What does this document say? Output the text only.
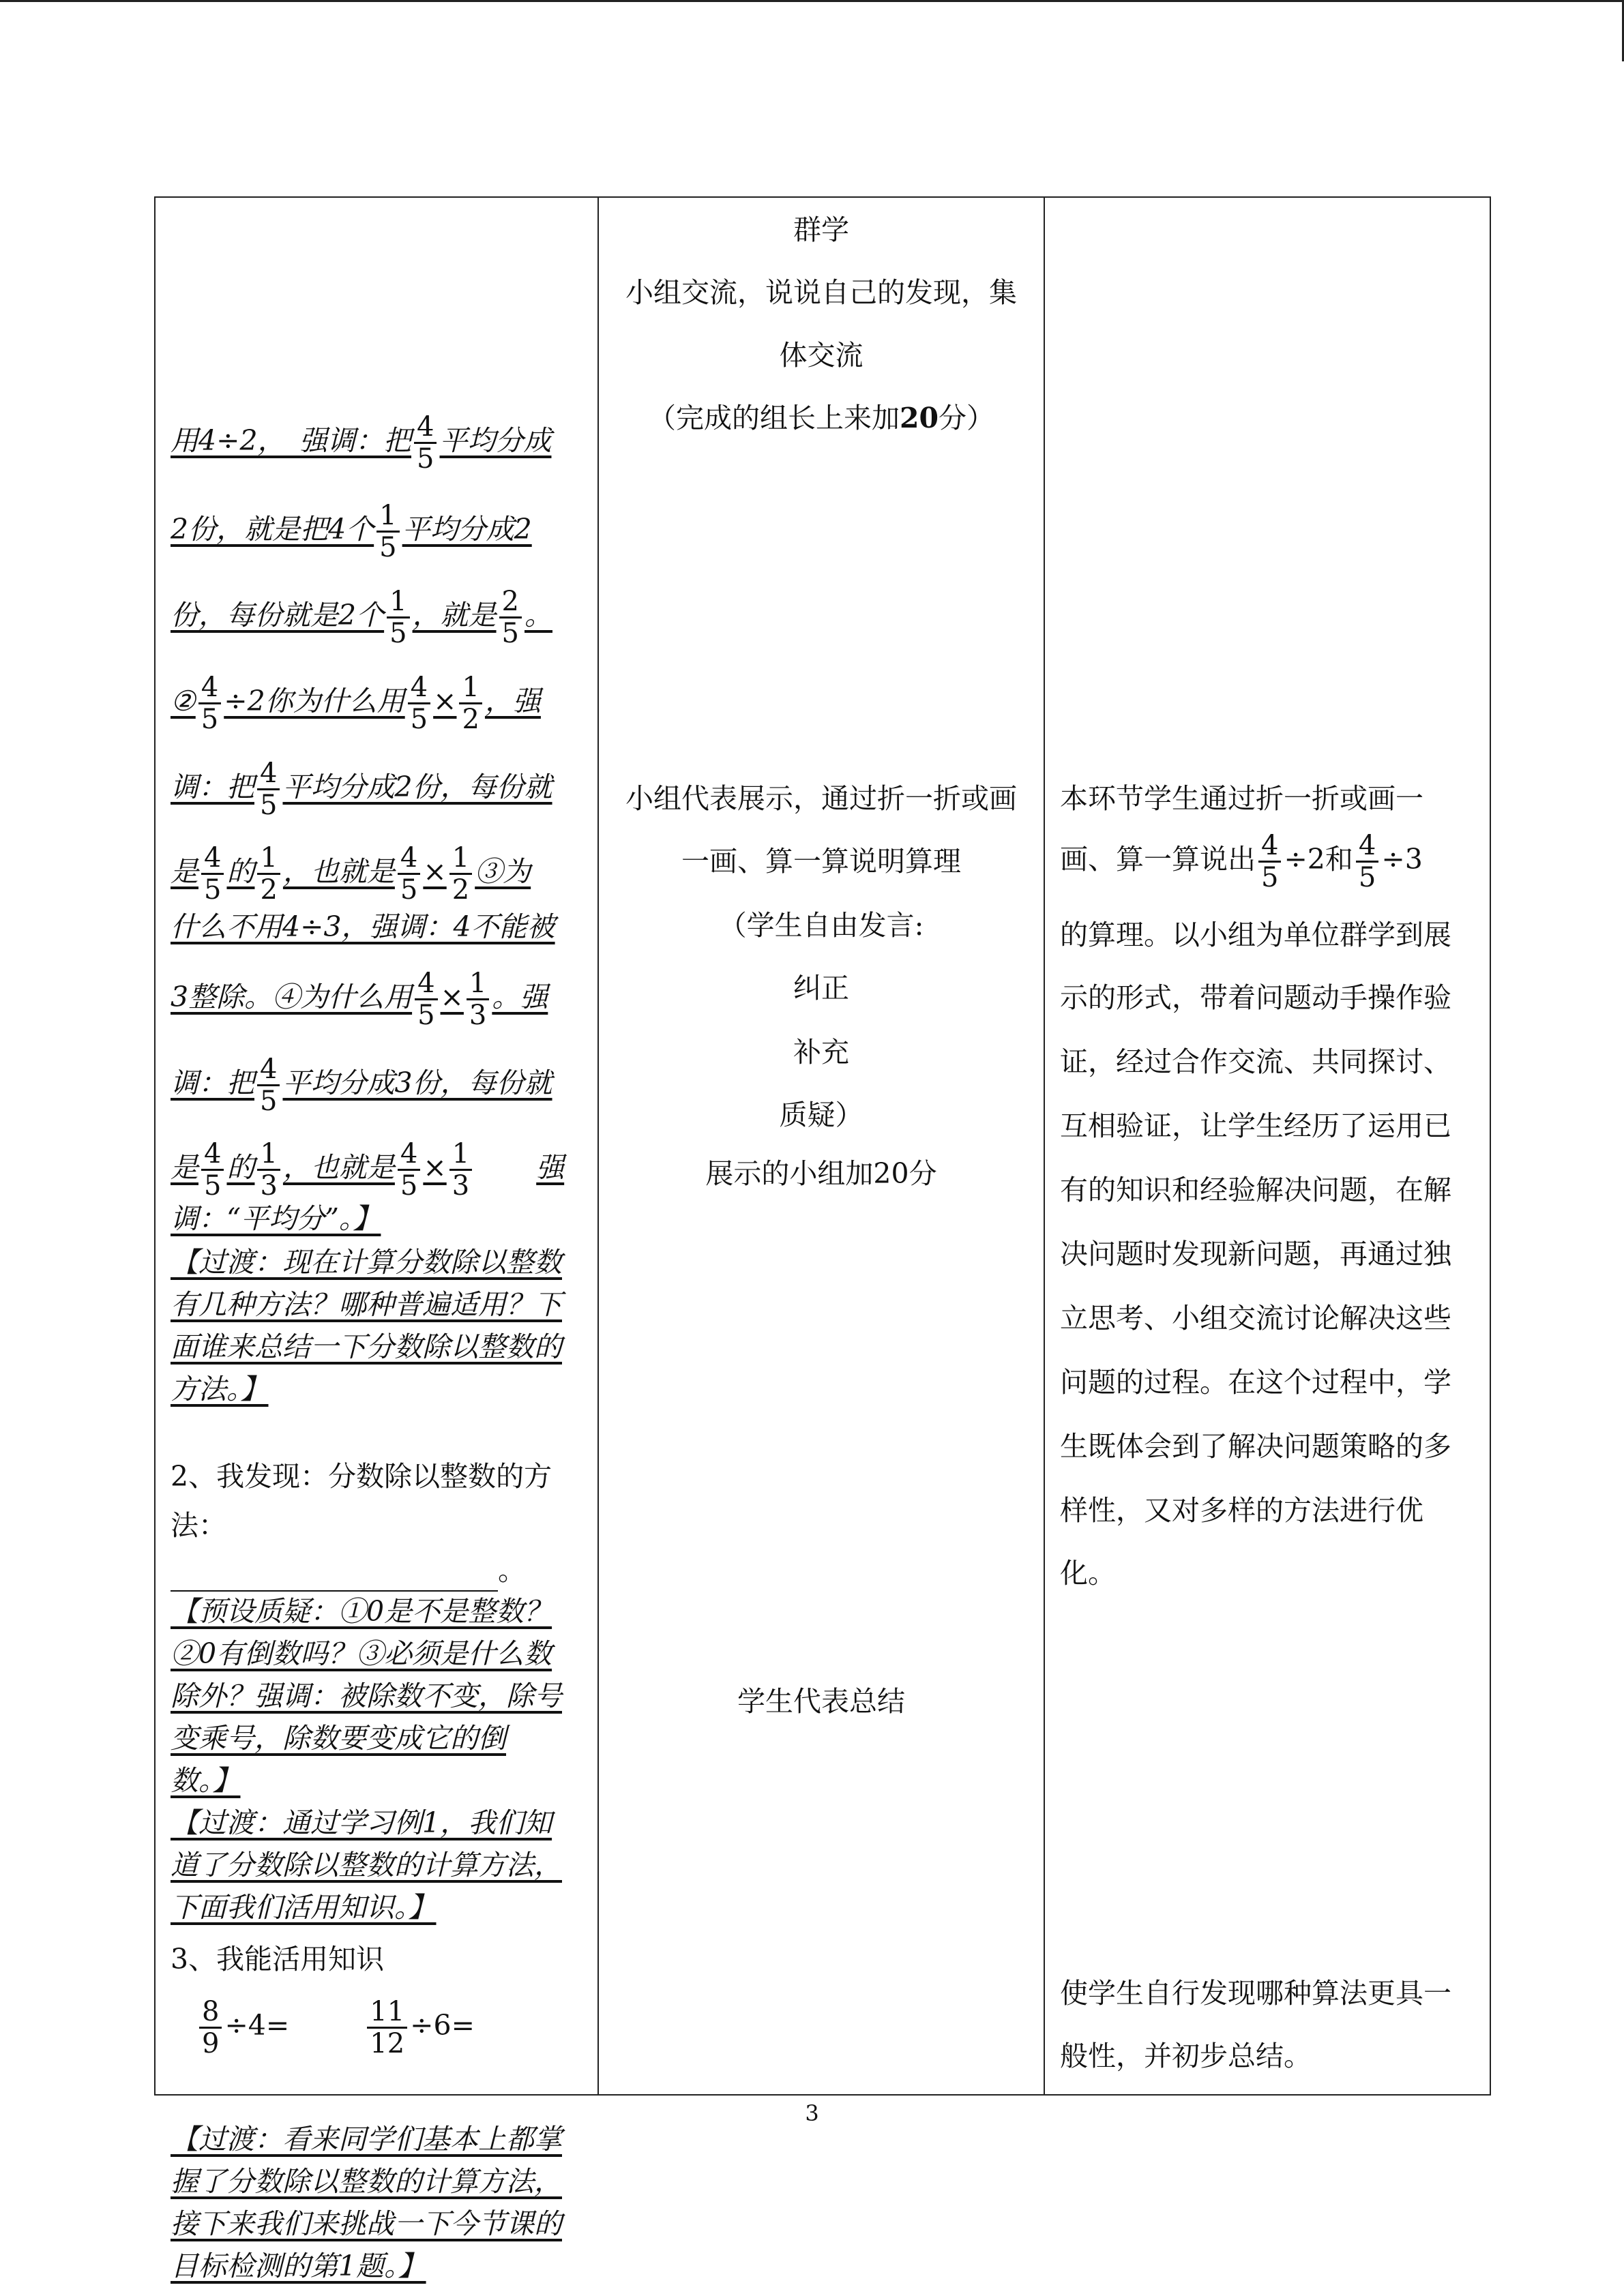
用4÷2，　强调：把 $\frac{4}{5}$ 平均分成
2份，就是把4个 $\frac{1}{5}$ 平均分成2
份，每份就是2个 $\frac{1}{5}$ ，就是 $\frac{2}{5}$ 。
② $\frac{4}{5} \div 2$你为什么用 $\frac{4}{5} \times \frac{1}{2}$ ，强
调：把 $\frac{4}{5}$ 平均分成2份，每份就
是 $\frac{4}{5}$ 的 $\frac{1}{2}$ ，也就是 $\frac{4}{5} \times \frac{1}{2}$ ③为
什么不用4÷3，强调：4不能被
3整除。④为什么用 $\frac{4}{5} \times \frac{1}{3}$ 。强
调：把 $\frac{4}{5}$ 平均分成3份，每份就
是 $\frac{4}{5}$ 的 $\frac{1}{3}$ ，也就是 $\frac{4}{5} \times \frac{1}{3}$ 强
调：“平均分”。】
【过渡：现在计算分数除以整数
有几种方法？哪种普遍适用？下
面谁来总结一下分数除以整数的
方法。】
2、我发现：分数除以整数的方
法：
。
【预设质疑：①0是不是整数？
②0有倒数吗？③必须是什么数
除外？强调：被除数不变，除号
变乘号，除数要变成它的倒
数。】
【过渡：通过学习例1，我们知
道了分数除以整数的计算方法，
下面我们活用知识。】
3、我能活用知识
$\frac{8}{9} \div 4=$	$\frac{11}{12} \div 6=$
【过渡：看来同学们基本上都掌
握了分数除以整数的计算方法，
接下来我们来挑战一下今节课的
目标检测的第1题。】

群学
小组交流，说说自己的发现，集
体交流
（完成的组长上来加20分）
小组代表展示，通过折一折或画
一画、算一算说明算理
（学生自由发言:
纠正
补充
质疑）
展示的小组加20分
学生代表总结

本环节学生通过折一折或画一
画、算一算说出 $\frac{4}{5} \div 2$和 $\frac{4}{5} \div 3$
的算理。以小组为单位群学到展
示的形式，带着问题动手操作验
证，经过合作交流、共同探讨、
互相验证，让学生经历了运用已
有的知识和经验解决问题，在解
决问题时发现新问题，再通过独
立思考、小组交流讨论解决这些
问题的过程。在这个过程中，学
生既体会到了解决问题策略的多
样性，又对多样的方法进行优
化。
使学生自行发现哪种算法更具一
般性，并初步总结。
3
